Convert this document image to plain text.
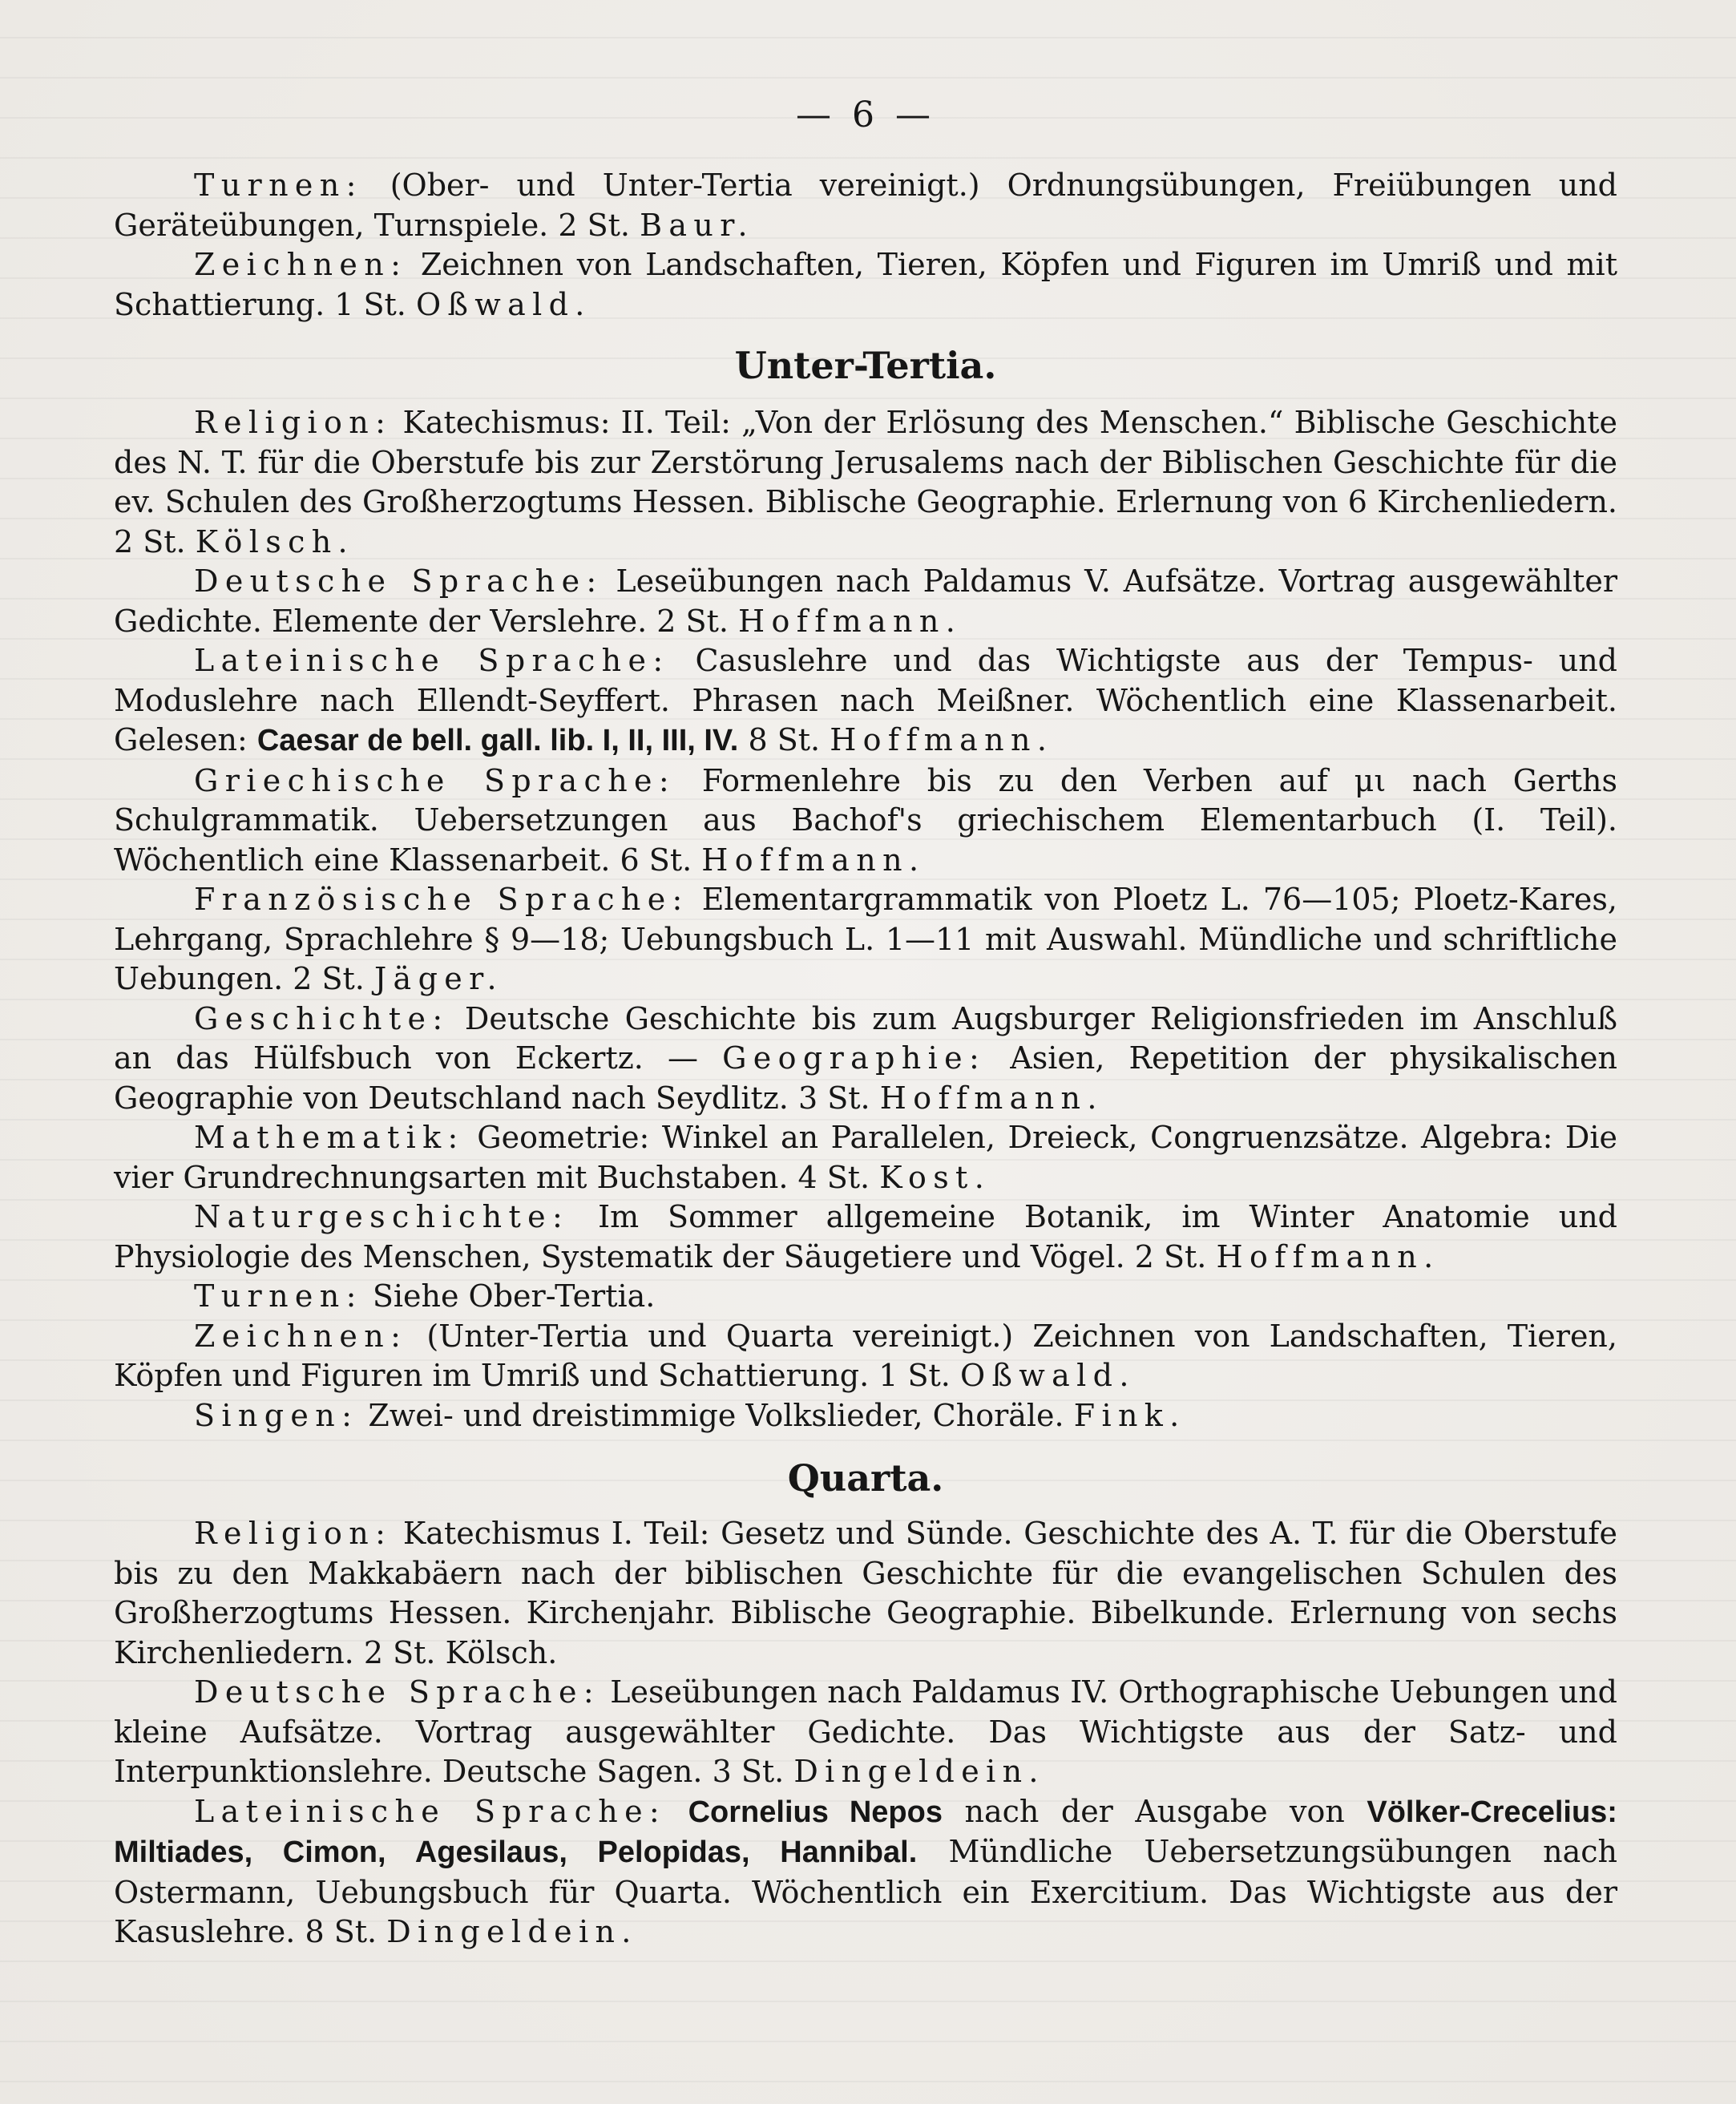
— 6 —

Turnen: (Ober- und Unter-Tertia vereinigt.) Ordnungsübungen, Freiübungen und Geräteübungen, Turnspiele. 2 St. Baur.

Zeichnen: Zeichnen von Landschaften, Tieren, Köpfen und Figuren im Umriß und mit Schattierung. 1 St. Oßwald.

Unter-Tertia.

Religion: Katechismus: II. Teil: „Von der Erlösung des Menschen.“ Biblische Geschichte des N. T. für die Oberstufe bis zur Zerstörung Jerusalems nach der Biblischen Geschichte für die ev. Schulen des Großherzogtums Hessen. Biblische Geographie. Erlernung von 6 Kirchenliedern. 2 St. Kölsch.

Deutsche Sprache: Leseübungen nach Paldamus V. Aufsätze. Vortrag ausgewählter Gedichte. Elemente der Verslehre. 2 St. Hoffmann.

Lateinische Sprache: Casuslehre und das Wichtigste aus der Tempus- und Moduslehre nach Ellendt-Seyffert. Phrasen nach Meißner. Wöchentlich eine Klassenarbeit. Gelesen: Caesar de bell. gall. lib. I, II, III, IV. 8 St. Hoffmann.

Griechische Sprache: Formenlehre bis zu den Verben auf μι nach Gerths Schulgrammatik. Uebersetzungen aus Bachof's griechischem Elementarbuch (I. Teil). Wöchentlich eine Klassenarbeit. 6 St. Hoffmann.

Französische Sprache: Elementargrammatik von Ploetz L. 76—105; Ploetz-Kares, Lehrgang, Sprachlehre § 9—18; Uebungsbuch L. 1—11 mit Auswahl. Mündliche und schriftliche Uebungen. 2 St. Jäger.

Geschichte: Deutsche Geschichte bis zum Augsburger Religionsfrieden im Anschluß an das Hülfsbuch von Eckertz. — Geographie: Asien, Repetition der physikalischen Geographie von Deutschland nach Seydlitz. 3 St. Hoffmann.

Mathematik: Geometrie: Winkel an Parallelen, Dreieck, Congruenzsätze. Algebra: Die vier Grundrechnungsarten mit Buchstaben. 4 St. Kost.

Naturgeschichte: Im Sommer allgemeine Botanik, im Winter Anatomie und Physiologie des Menschen, Systematik der Säugetiere und Vögel. 2 St. Hoffmann.

Turnen: Siehe Ober-Tertia.

Zeichnen: (Unter-Tertia und Quarta vereinigt.) Zeichnen von Landschaften, Tieren, Köpfen und Figuren im Umriß und Schattierung. 1 St. Oßwald.

Singen: Zwei- und dreistimmige Volkslieder, Choräle. Fink.

Quarta.

Religion: Katechismus I. Teil: Gesetz und Sünde. Geschichte des A. T. für die Oberstufe bis zu den Makkabäern nach der biblischen Geschichte für die evangelischen Schulen des Großherzogtums Hessen. Kirchenjahr. Biblische Geographie. Bibelkunde. Erlernung von sechs Kirchenliedern. 2 St. Kölsch.

Deutsche Sprache: Leseübungen nach Paldamus IV. Orthographische Uebungen und kleine Aufsätze. Vortrag ausgewählter Gedichte. Das Wichtigste aus der Satz- und Interpunktionslehre. Deutsche Sagen. 3 St. Dingeldein.

Lateinische Sprache: Cornelius Nepos nach der Ausgabe von Völker-Crecelius: Miltiades, Cimon, Agesilaus, Pelopidas, Hannibal. Mündliche Uebersetzungsübungen nach Ostermann, Uebungsbuch für Quarta. Wöchentlich ein Exercitium. Das Wichtigste aus der Kasuslehre. 8 St. Dingeldein.
